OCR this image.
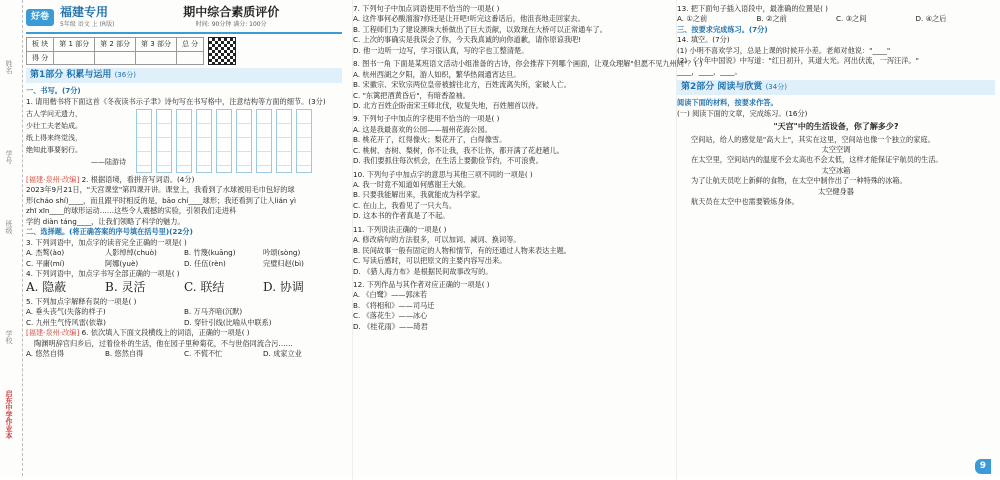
姓名
学号
班级
学校
启东中学作业本
好卷 福建专用
5年级 语文 上 (R版)
期中综合素质评价
时间: 90分钟 满分: 100分
板 块	第 1 部分	第 2 部分	第 3 部分	总 分
得 分				
第1部分 积累与运用 (36分)
一、书写。(7分)
1. 请用楷书将下面这首《冬夜读书示子聿》诗句写在书写格中，注意结构等方面的细节。(3分)
古人学问无遗力，
少壮工夫老始成。
纸上得来终觉浅，
绝知此事要躬行。
——陆游诗
[福建·泉州·改编] 2. 根据语境，看拼音写词语。(4分)
2023年9月21日，"天宫课堂"第四课开讲。课堂上，我看到了水球被用毛巾包好的球
形(cháo shí)____，而且跟平时相反的是，bāo chí____球形；我还看到了让人lián yì
zhī xīn____的球形运动……这些令人震撼的实验，引领我们走进科
学的 diàn táng____，让我们领略了科学的魅力。
二、选择题。(将正确答案的序号填在括号里)(22分)
3. 下列词语中，加点字的读音完全正确的一项是( )
A. 杰骜(ào)	人影绰绰(chuò)	B. 竹篾(kuāng)	吟颂(sòng)
C. 平庸(mí)	阿娜(yuè)	D. 任伍(rèn)	完璧归赵(bì)
4. 下列词语中，加点字书写全部正确的一项是( )
A. 隐蔽	B. 灵活	C. 联结	D. 协调
5. 下列加点字解释有误的一项是( )
A. 垂头丧气(失落的样子)	B. 万马齐喑(沉默)
C. 九州生气恃风雷(依靠)	D. 穿针引线(比喻从中联系)
[福建·泉州·改编] 6. 依次填入下面文段横线上的词语，正确的一项是( )
陶渊明辞官归乡后，过着俭朴的生活，他在园子里种菊花，不与世俗同流合污……
A. 悠然自得	B. 悠然自得	C. 不慌不忙	D. 成家立业
7. 下列句子中加点词语使用不恰当的一项是( )
A. 这件事何必酸溜溜?你还是让开吧!听完这番话后，他沮丧地走回家去。
B. 工程师们为了建设澳珠大桥做出了巨大贡献，以致现在大桥可以正常通车了。
C. 上次的事确实是我误会了你，今天我真诚的向你道歉，请你原谅我吧!
D. 他一边听一边写，学习很认真，写的字也工整清楚。
8. 图书一角 下面是某班语文活动小组准备的古诗，你会推荐下列哪个画面，让观众理解"但愿不见九州同"？( )
A. 杭州西湖之夕阳，游人如织，繁华热闹通宵达旦。
B. 宋徽宗、宋钦宗两位皇帝被掳往北方，百姓流离失所，家破人亡。
C. "东篱把酒黄昏后"，有暗香盈袖。
D. 北方百姓企盼南宋王师北伐，收复失地，百姓翘首以待。
9. 下列句子中加点的字使用不恰当的一项是( )
A. 这是我最喜欢的公园——福州花海公园。
B. 桃花开了，红得像火；梨花开了，白得像雪。
C. 桃树、杏树、梨树，你不让我，我不让你，都开满了花赶趟儿。
D. 我们要抓住每次机会，在生活上要勤俭节约，不可浪费。
10. 下列句子中加点字的意思与其他三项不同的一项是( )
A. 我一时竟不知道如何感谢王大娘。
B. 只要我能解出来，我就能成为科学家。
C. 在山上，我看见了一只大鸟。
D. 这本书的作者真是了不起。
11. 下列说法正确的一项是( )
A. 修改病句的方法很多，可以加词、减词、换词等。
B. 民间故事一般有固定的人物和情节，有的还通过人物来表达主题。
C. 写读后感时，可以把原文的主要内容写出来。
D. 《猎人海力布》是根据民间故事改写的。
12. 下列作品与其作者对应正确的一项是( )
A. 《白鹭》——郭沫若
B. 《将相和》——司马迁
C. 《落花生》——冰心
D. 《桂花雨》——琦君
13. 把下面句子插入语段中，最准确的位置是( )
A. ①之前	B. ②之前	C. ③之间	D. ④之后
三、按要求完成练习。(7分)
14. 填空。(7分)
(1) 小明不喜欢学习，总是上课的时候开小差。老师对他说："____"
(2) 《少年中国说》中写道："红日初升，其道大光。河出伏流，一泻汪洋。"
____，____，____。
第2部分 阅读与欣赏 (34分)
阅读下面的材料，按要求作答。
(一) 阅读下面的文章，完成练习。(16分)
"天宫"中的生活设备，你了解多少?
空间站，给人的感觉是"高大上"，其实在这里，空间站也像一个独立的家庭。
太空空调
在太空里，空间站内的温度不会太高也不会太低，这样才能保证宇航员的生活。
太空冰箱
为了让航天员吃上新鲜的食物，在太空中制作出了一种特殊的冰箱。
太空健身器
航天员在太空中也需要锻炼身体。
9
